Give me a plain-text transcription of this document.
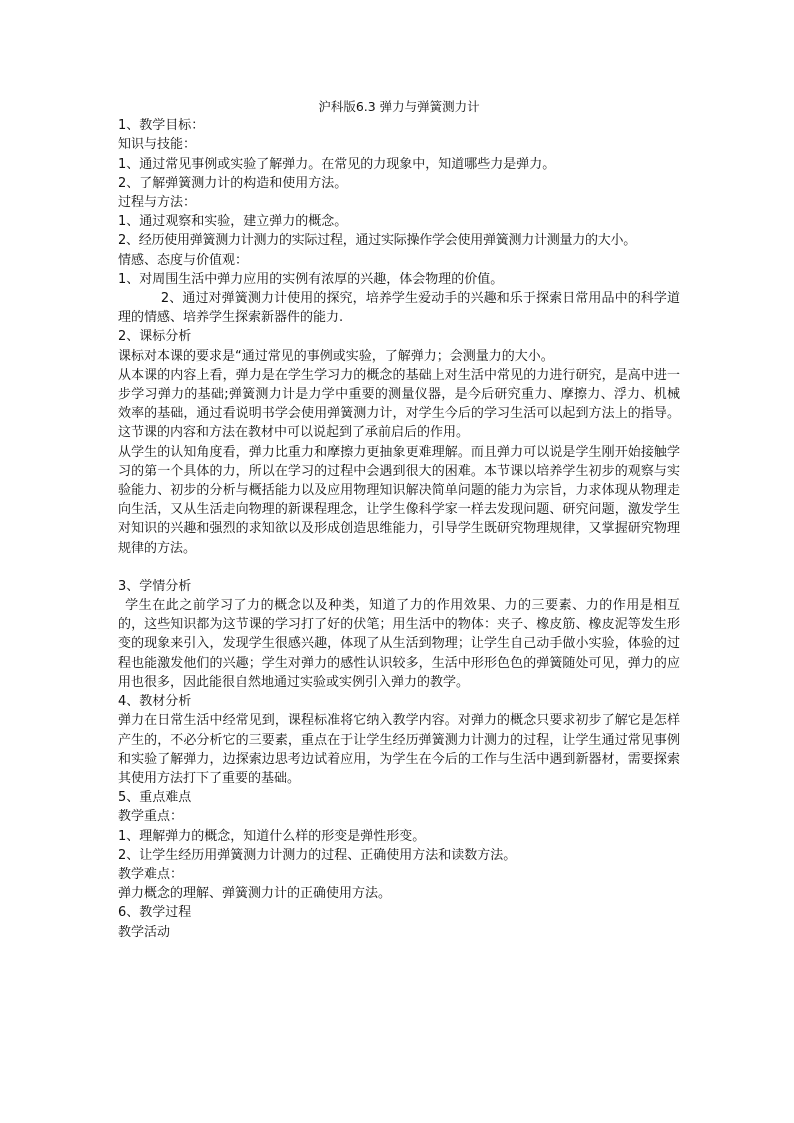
沪科版6.3 弹力与弹簧测力计

1、教学目标：

知识与技能：

1、通过常见事例或实验了解弹力。在常见的力现象中，知道哪些力是弹力。

2、了解弹簧测力计的构造和使用方法。

过程与方法：

1、通过观察和实验，建立弹力的概念。

2、经历使用弹簧测力计测力的实际过程，通过实际操作学会使用弹簧测力计测量力的大小。

情感、态度与价值观：

1、对周围生活中弹力应用的实例有浓厚的兴趣，体会物理的价值。

2、通过对弹簧测力计使用的探究，培养学生爱动手的兴趣和乐于探索日常用品中的科学道理的情感、培养学生探索新器件的能力.

2、课标分析

课标对本课的要求是“通过常见的事例或实验，了解弹力；会测量力的大小。

从本课的内容上看，弹力是在学生学习力的概念的基础上对生活中常见的力进行研究，是高中进一步学习弹力的基础;弹簧测力计是力学中重要的测量仪器，是今后研究重力、摩擦力、浮力、机械效率的基础，通过看说明书学会使用弹簧测力计，对学生今后的学习生活可以起到方法上的指导。这节课的内容和方法在教材中可以说起到了承前启后的作用。

从学生的认知角度看，弹力比重力和摩擦力更抽象更难理解。而且弹力可以说是学生刚开始接触学习的第一个具体的力，所以在学习的过程中会遇到很大的困难。本节课以培养学生初步的观察与实验能力、初步的分析与概括能力以及应用物理知识解决简单问题的能力为宗旨，力求体现从物理走向生活，又从生活走向物理的新课程理念，让学生像科学家一样去发现问题、研究问题，激发学生对知识的兴趣和强烈的求知欲以及形成创造思维能力，引导学生既研究物理规律，又掌握研究物理规律的方法。

3、学情分析

学生在此之前学习了力的概念以及种类，知道了力的作用效果、力的三要素、力的作用是相互的，这些知识都为这节课的学习打了好的伏笔；用生活中的物体：夹子、橡皮筋、橡皮泥等发生形变的现象来引入，发现学生很感兴趣，体现了从生活到物理；让学生自己动手做小实验，体验的过程也能激发他们的兴趣；学生对弹力的感性认识较多，生活中形形色色的弹簧随处可见，弹力的应用也很多，因此能很自然地通过实验或实例引入弹力的教学。

4、教材分析

弹力在日常生活中经常见到，课程标准将它纳入教学内容。对弹力的概念只要求初步了解它是怎样产生的，不必分析它的三要素，重点在于让学生经历弹簧测力计测力的过程，让学生通过常见事例和实验了解弹力，边探索边思考边试着应用，为学生在今后的工作与生活中遇到新器材，需要探索其使用方法打下了重要的基础。

5、重点难点

教学重点：

1、理解弹力的概念，知道什么样的形变是弹性形变。

2、让学生经历用弹簧测力计测力的过程、正确使用方法和读数方法。

教学难点：

弹力概念的理解、弹簧测力计的正确使用方法。

6、教学过程

教学活动
